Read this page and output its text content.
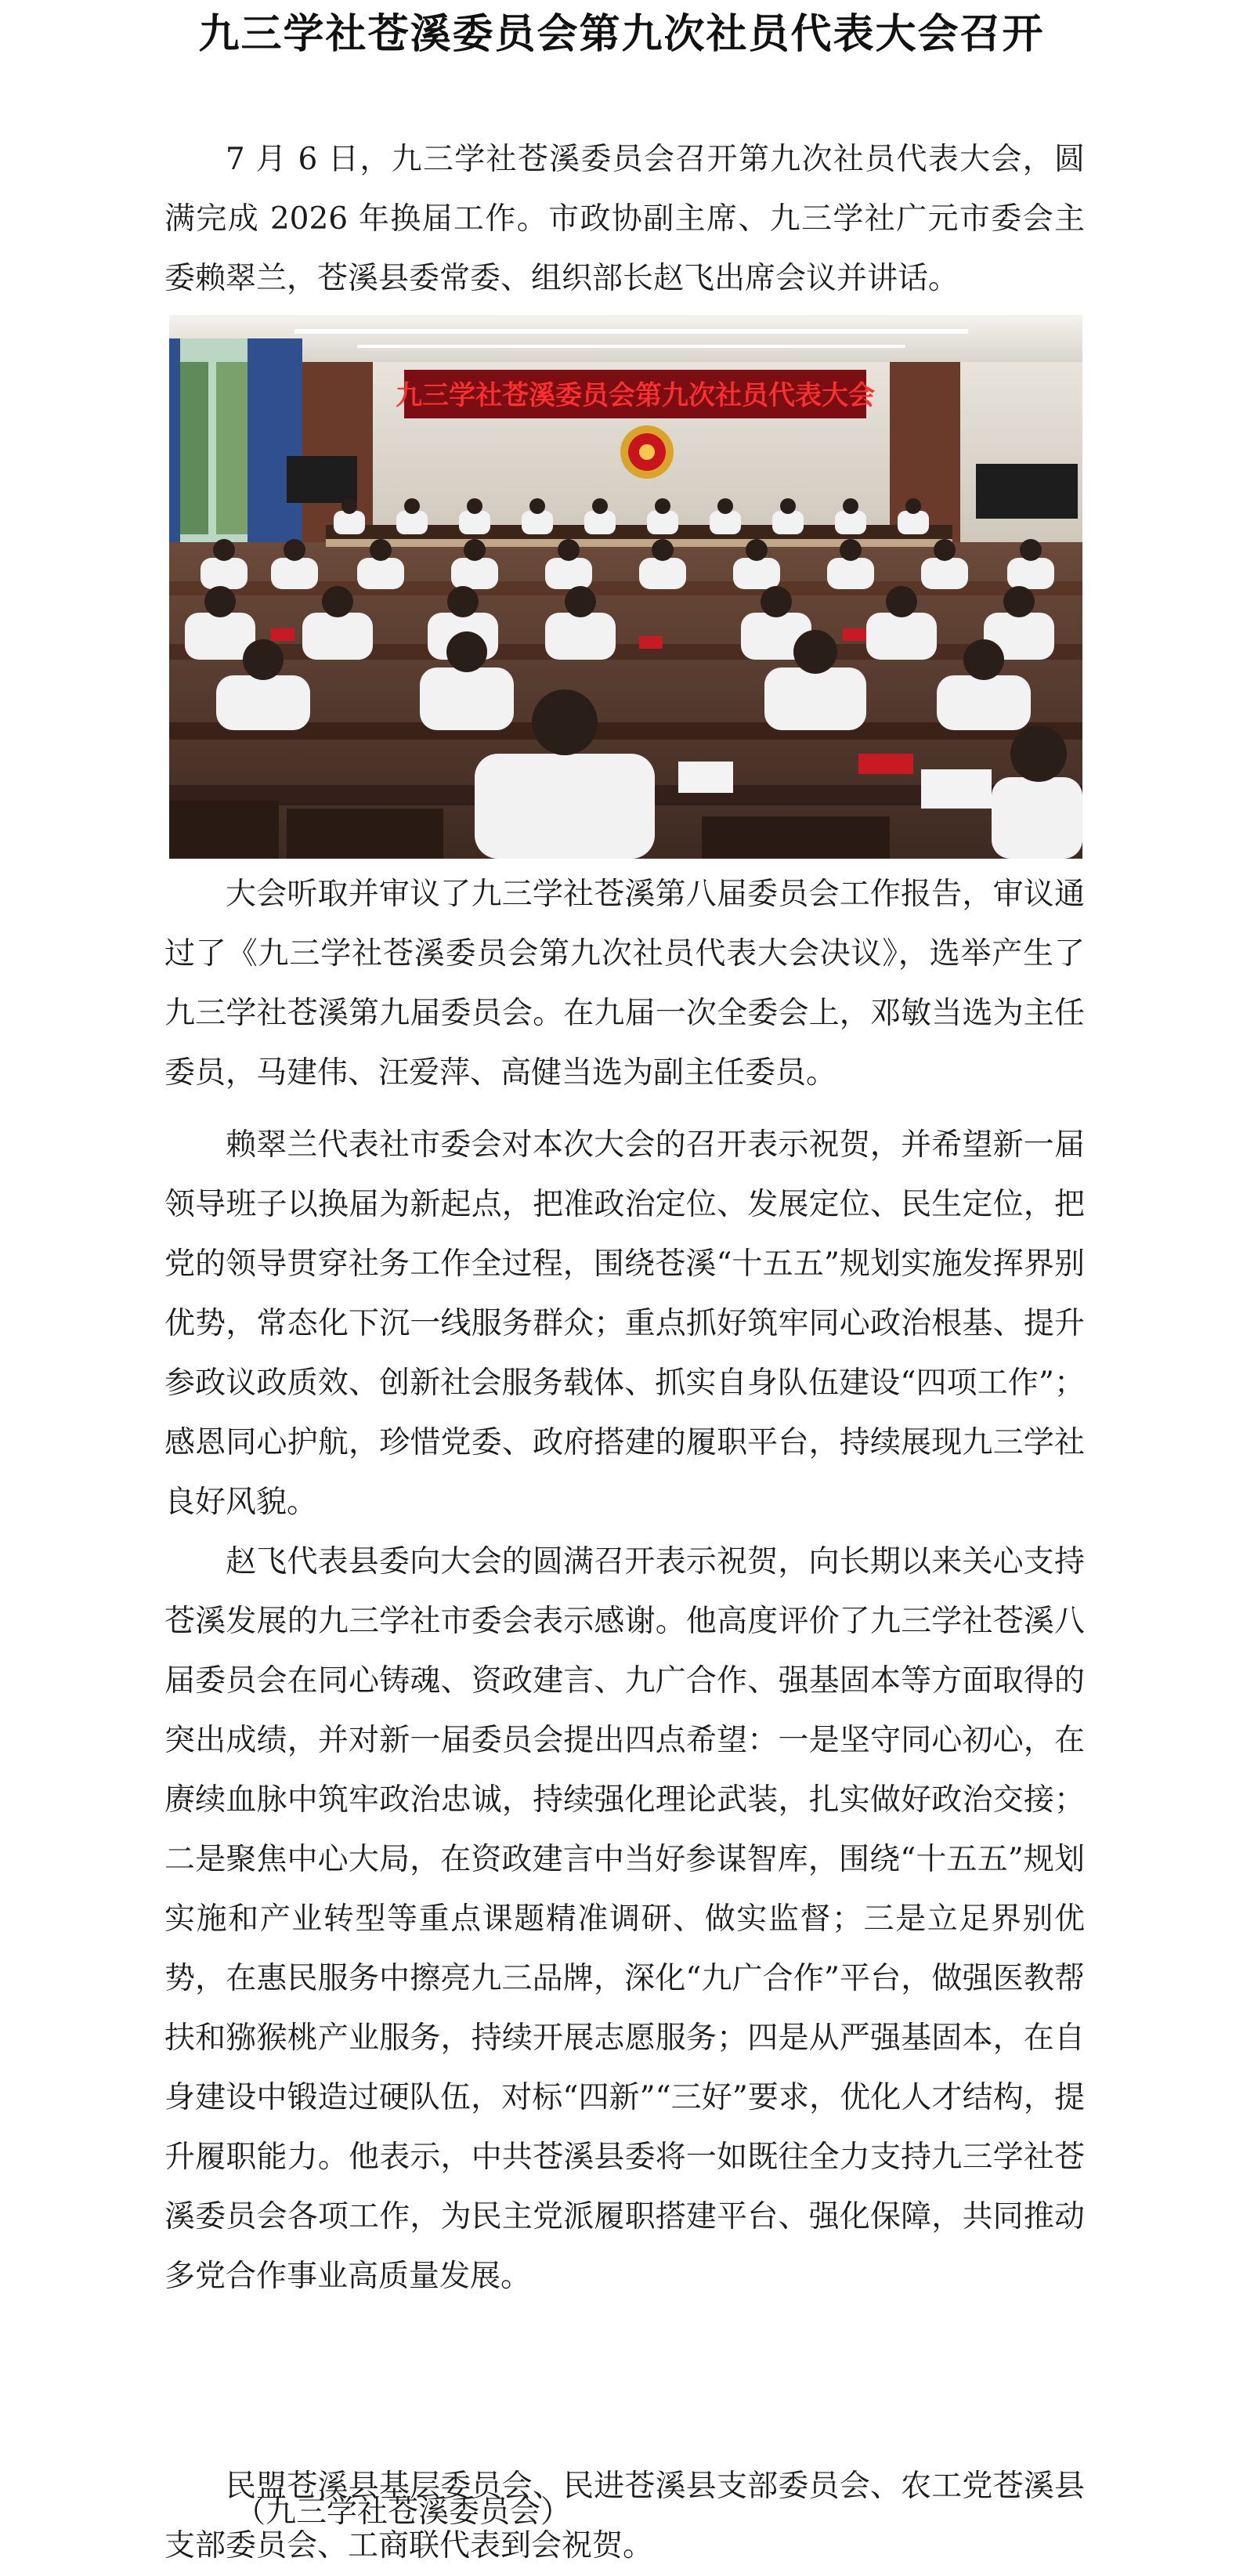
九三学社苍溪委员会第九次社员代表大会召开

7 月 6 日，九三学社苍溪委员会召开第九次社员代表大会，圆满完成 2026 年换届工作。市政协副主席、九三学社广元市委会主委赖翠兰，苍溪县委常委、组织部长赵飞出席会议并讲话。

九三学社苍溪委员会第九次社员代表大会

大会听取并审议了九三学社苍溪第八届委员会工作报告，审议通过了《九三学社苍溪委员会第九次社员代表大会决议》，选举产生了九三学社苍溪第九届委员会。在九届一次全委会上，邓敏当选为主任委员，马建伟、汪爱萍、高健当选为副主任委员。

赖翠兰代表社市委会对本次大会的召开表示祝贺，并希望新一届领导班子以换届为新起点，把准政治定位、发展定位、民生定位，把党的领导贯穿社务工作全过程，围绕苍溪“十五五”规划实施发挥界别优势，常态化下沉一线服务群众；重点抓好筑牢同心政治根基、提升参政议政质效、创新社会服务载体、抓实自身队伍建设“四项工作”；感恩同心护航，珍惜党委、政府搭建的履职平台，持续展现九三学社良好风貌。

赵飞代表县委向大会的圆满召开表示祝贺，向长期以来关心支持苍溪发展的九三学社市委会表示感谢。他高度评价了九三学社苍溪八届委员会在同心铸魂、资政建言、九广合作、强基固本等方面取得的突出成绩，并对新一届委员会提出四点希望：一是坚守同心初心，在赓续血脉中筑牢政治忠诚，持续强化理论武装，扎实做好政治交接；二是聚焦中心大局，在资政建言中当好参谋智库，围绕“十五五”规划实施和产业转型等重点课题精准调研、做实监督；三是立足界别优势，在惠民服务中擦亮九三品牌，深化“九广合作”平台，做强医教帮扶和猕猴桃产业服务，持续开展志愿服务；四是从严强基固本，在自身建设中锻造过硬队伍，对标“四新”“三好”要求，优化人才结构，提升履职能力。他表示，中共苍溪县委将一如既往全力支持九三学社苍溪委员会各项工作，为民主党派履职搭建平台、强化保障，共同推动多党合作事业高质量发展。

民盟苍溪县基层委员会、民进苍溪县支部委员会、农工党苍溪县支部委员会、工商联代表到会祝贺。

（九三学社苍溪委员会）
